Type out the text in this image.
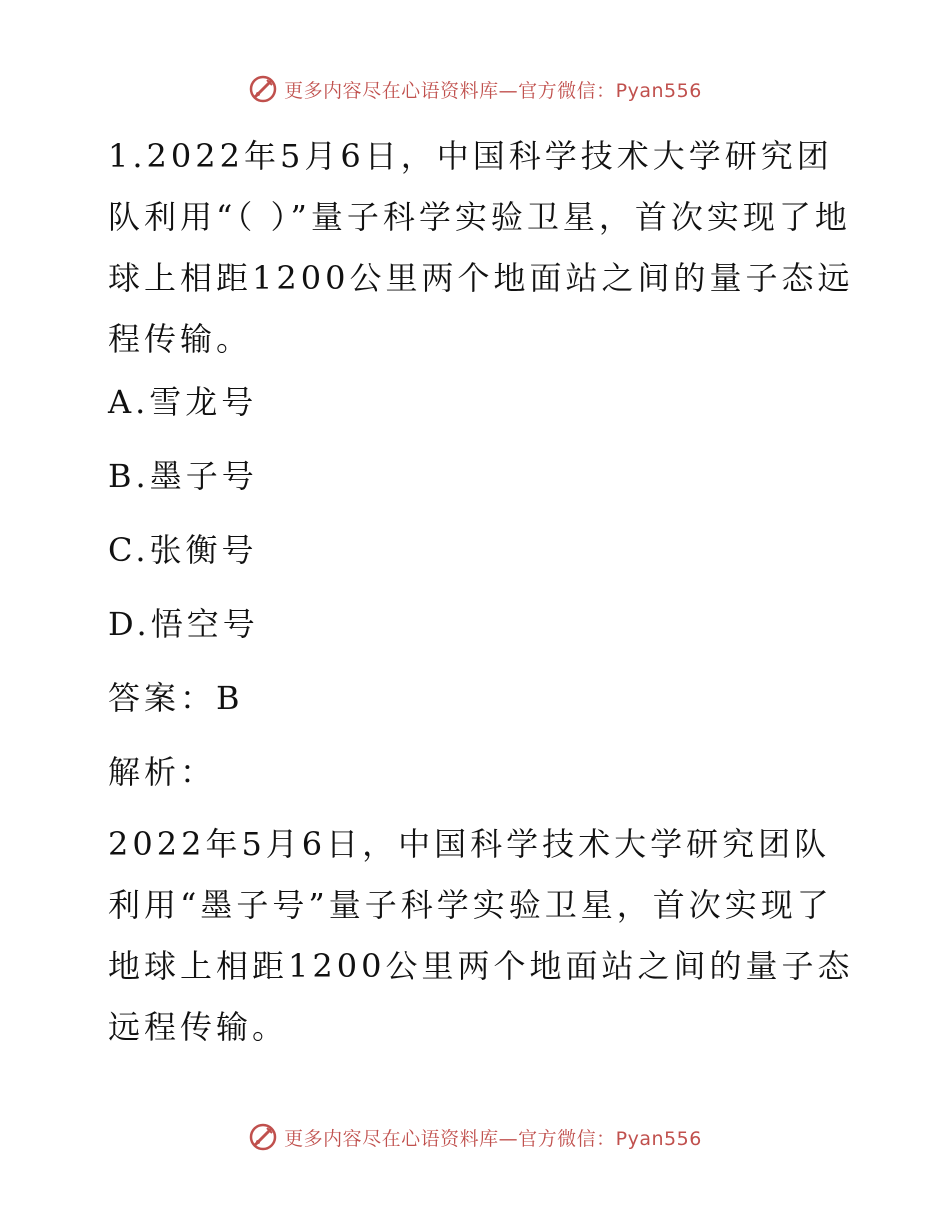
更多内容尽在心语资料库—官方微信：Pyan556

1.2022年5月6日，中国科学技术大学研究团队利用“（ ）”量子科学实验卫星，首次实现了地球上相距1200公里两个地面站之间的量子态远程传输。

A.雪龙号

B.墨子号

C.张衡号

D.悟空号

答案：B

解析：

2022年5月6日，中国科学技术大学研究团队利用“墨子号”量子科学实验卫星，首次实现了地球上相距1200公里两个地面站之间的量子态远程传输。

更多内容尽在心语资料库—官方微信：Pyan556
